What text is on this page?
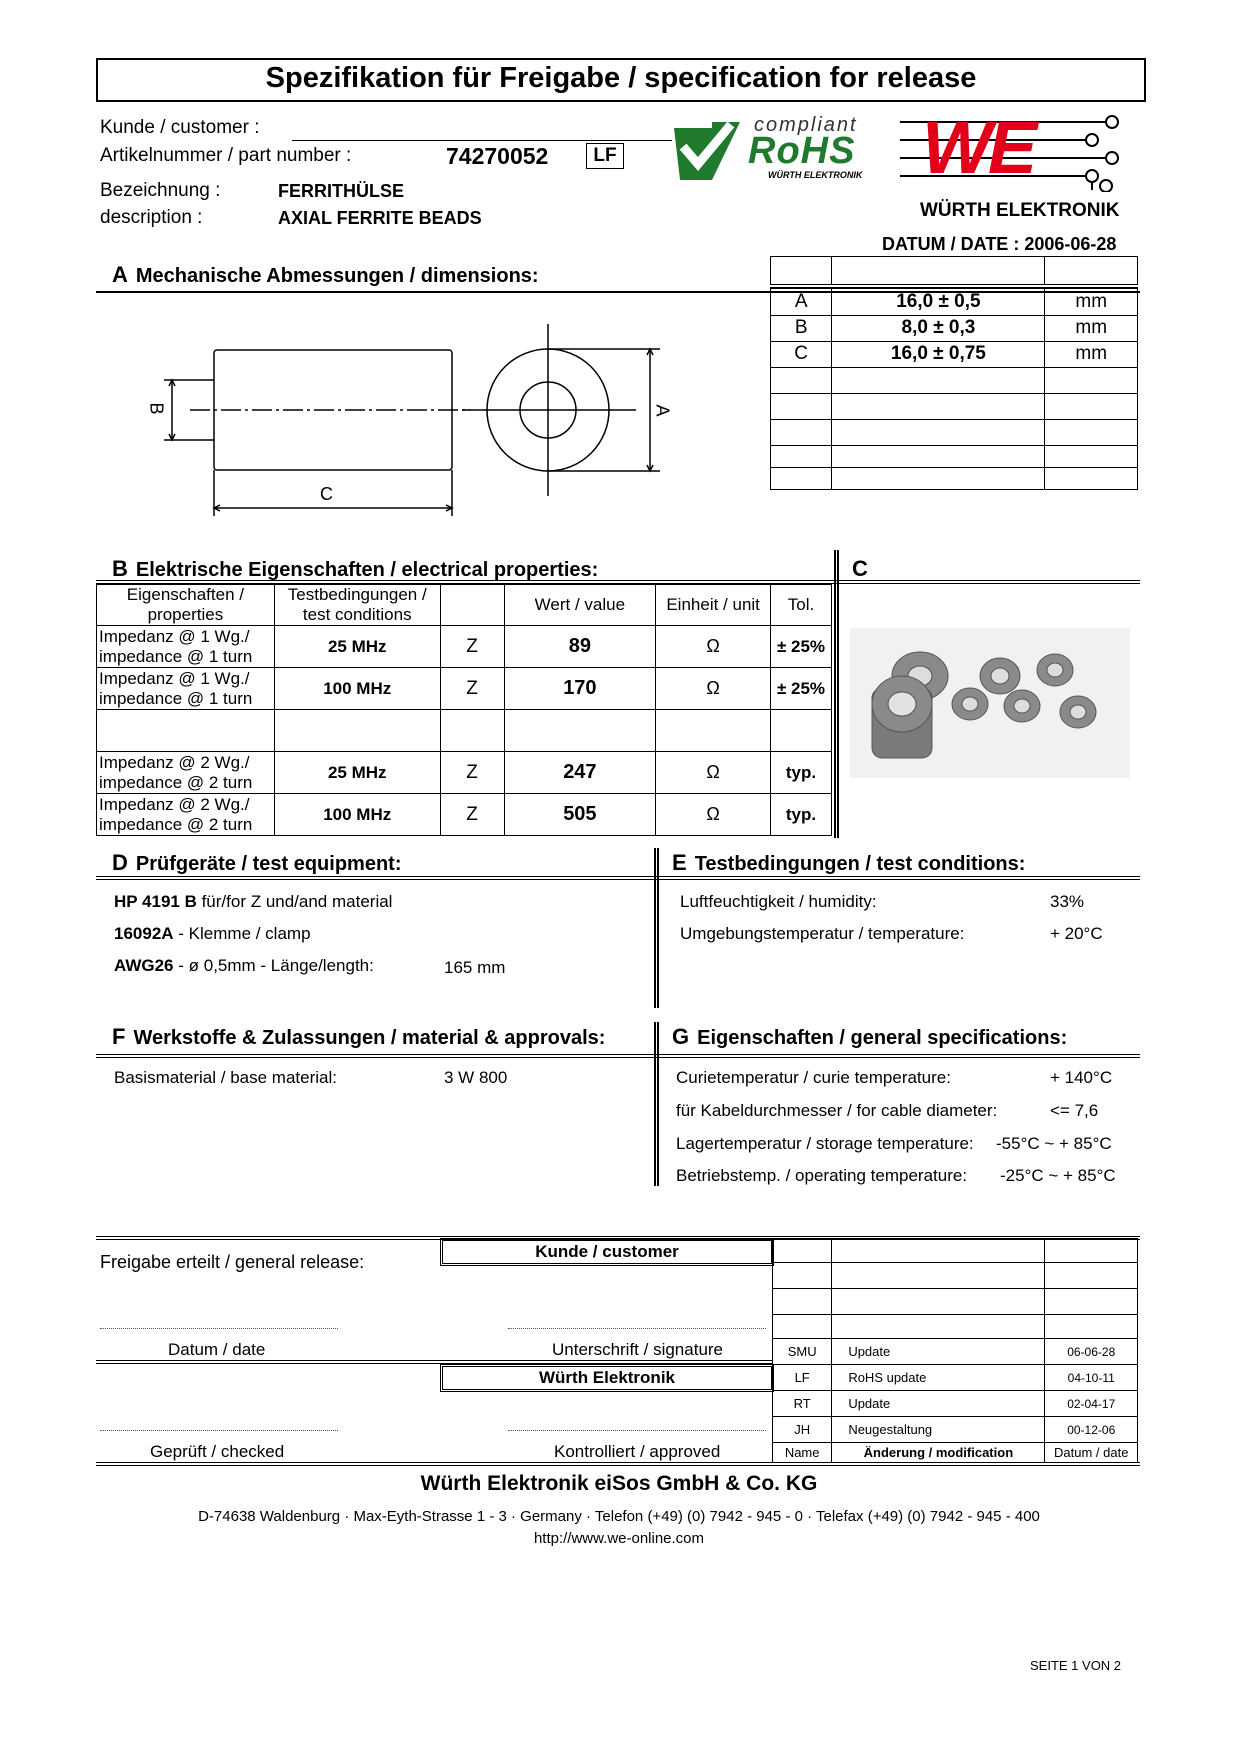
Spezifikation für Freigabe / specification for release
Kunde / customer :
Artikelnummer / part number :	74270052	LF
Bezeichnung :	FERRITHÜLSE
description :	AXIAL FERRITE BEADS
compliant
RoHS
WÜRTH ELEKTRONIK WE
WÜRTH ELEKTRONIK
DATUM / DATE : 2006-06-28
A Mechanische Abmessungen / dimensions:
B
C
A

A	16,0 ± 0,5	mm
B	8,0 ± 0,3	mm
C	16,0 ± 0,75	mm

B Elektrische Eigenschaften / electrical properties:	C
Eigenschaften /
properties	Testbedingungen /
test conditions		Wert / value	Einheit / unit	Tol.
Impedanz @ 1 Wg./
impedance @ 1 turn	25 MHz	Z	89	Ω	± 25%
Impedanz @ 1 Wg./
impedance @ 1 turn	100 MHz	Z	170	Ω	± 25%

Impedanz @ 2 Wg./
impedance @ 2 turn	25 MHz	Z	247	Ω	typ.
Impedanz @ 2 Wg./
impedance @ 2 turn	100 MHz	Z	505	Ω	typ.
D Prüfgeräte / test equipment:	E Testbedingungen / test conditions:
HP 4191 B für/for Z und/and material
16092A - Klemme / clamp
AWG26 - ø 0,5mm - Länge/length:	165 mm
Luftfeuchtigkeit / humidity:	33%
Umgebungstemperatur / temperature:	+ 20°C
F Werkstoffe & Zulassungen / material & approvals:	G Eigenschaften / general specifications:
Basismaterial / base material:	3 W 800	Curietemperatur / curie temperature:	+ 140°C
für Kabeldurchmesser / for cable diameter:	<= 7,6
Lagertemperatur / storage temperature: -55°C ~ + 85°C
Betriebstemp. / operating temperature: -25°C ~ + 85°C
Freigabe erteilt / general release:
Kunde / customer
Datum / date	Unterschrift / signature
Würth Elektronik
Geprüft / checked	Kontrolliert / approved

SMU	Update	06-06-28
LF	RoHS update	04-10-11
RT	Update	02-04-17
JH	Neugestaltung	00-12-06
Name	Änderung / modification	Datum / date
Würth Elektronik eiSos GmbH & Co. KG
D-74638 Waldenburg · Max-Eyth-Strasse 1 - 3 · Germany · Telefon (+49) (0) 7942 - 945 - 0 · Telefax (+49) (0) 7942 - 945 - 400
http://www.we-online.com
SEITE 1 VON 2
